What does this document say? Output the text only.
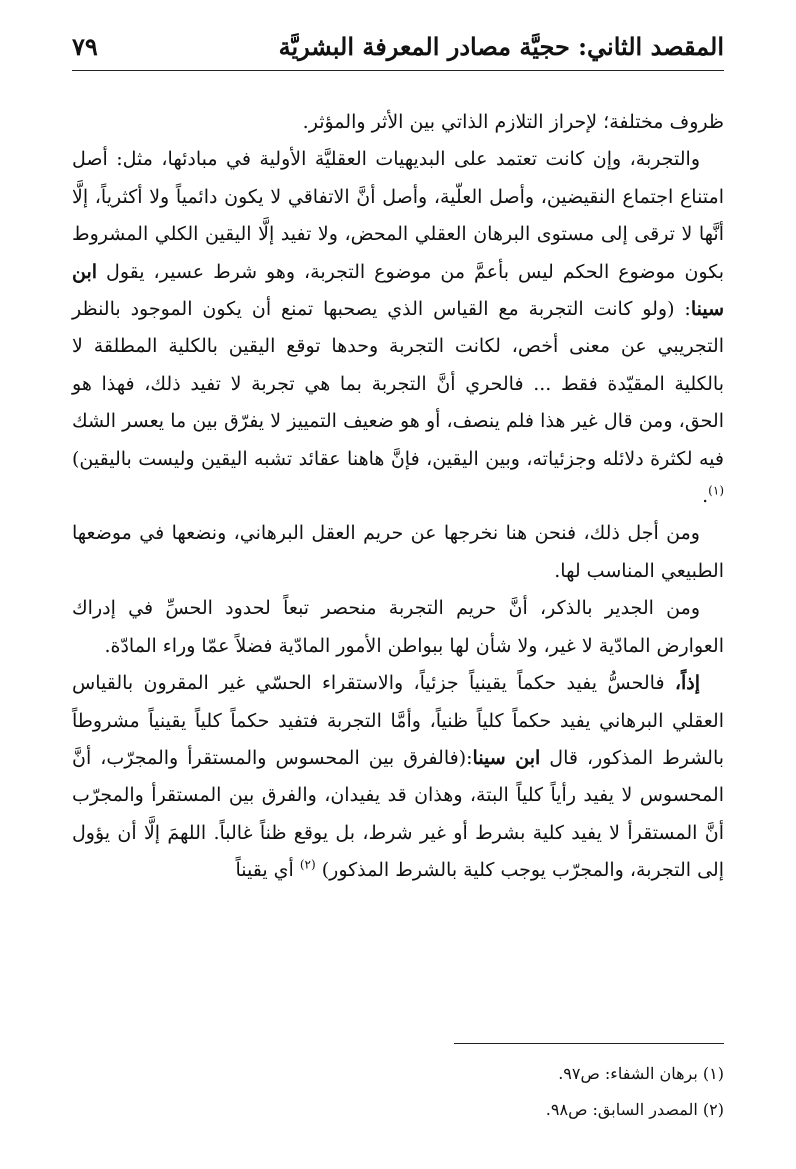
المقصد الثاني: حجيَّة مصادر المعرفة البشريَّة
٧٩

ظروف مختلفة؛ لإحراز التلازم الذاتي بين الأثر والمؤثر.

والتجربة، وإن كانت تعتمد على البديهيات العقليَّة الأولية في مبادئها، مثل: أصل امتناع اجتماع النقيضين، وأصل العلّية، وأصل أنَّ الاتفاقي لا يكون دائمياً ولا أكثرياً، إلَّا أنَّها لا ترقى إلى مستوى البرهان العقلي المحض، ولا تفيد إلَّا اليقين الكلي المشروط بكون موضوع الحكم ليس بأعمَّ من موضوع التجربة، وهو شرط عسير، يقول ابن سينا: (ولو كانت التجربة مع القياس الذي يصحبها تمنع أن يكون الموجود بالنظر التجريبي عن معنى أخص، لكانت التجربة وحدها توقع اليقين بالكلية المطلقة لا بالكلية المقيّدة فقط ... فالحري أنَّ التجربة بما هي تجربة لا تفيد ذلك، فهذا هو الحق، ومن قال غير هذا فلم ينصف، أو هو ضعيف التمييز لا يفرّق بين ما يعسر الشك فيه لكثرة دلائله وجزئياته، وبين اليقين، فإنَّ هاهنا عقائد تشبه اليقين وليست باليقين)$^{(١)}$.

ومن أجل ذلك، فنحن هنا نخرجها عن حريم العقل البرهاني، ونضعها في موضعها الطبيعي المناسب لها.

ومن الجدير بالذكر، أنَّ حريم التجربة منحصر تبعاً لحدود الحسِّ في إدراك العوارض المادّية لا غير، ولا شأن لها ببواطن الأمور المادّية فضلاً عمّا وراء المادّة.

إذاً، فالحسُّ يفيد حكماً يقينياً جزئياً، والاستقراء الحسّي غير المقرون بالقياس العقلي البرهاني يفيد حكماً كلياً ظنياً، وأمَّا التجربة فتفيد حكماً كلياً يقينياً مشروطاً بالشرط المذكور، قال ابن سينا:(فالفرق بين المحسوس والمستقرأ والمجرّب، أنَّ المحسوس لا يفيد رأياً كلياً البتة، وهذان قد يفيدان، والفرق بين المستقرأ والمجرّب أنَّ المستقرأ لا يفيد كلية بشرط أو غير شرط، بل يوقع ظناً غالباً. اللهمَ إلَّا أن يؤول إلى التجربة، والمجرّب يوجب كلية بالشرط المذكور) $^{(٢)}$ أي يقيناً

(١) برهان الشفاء: ص٩٧.
(٢) المصدر السابق: ص٩٨.
